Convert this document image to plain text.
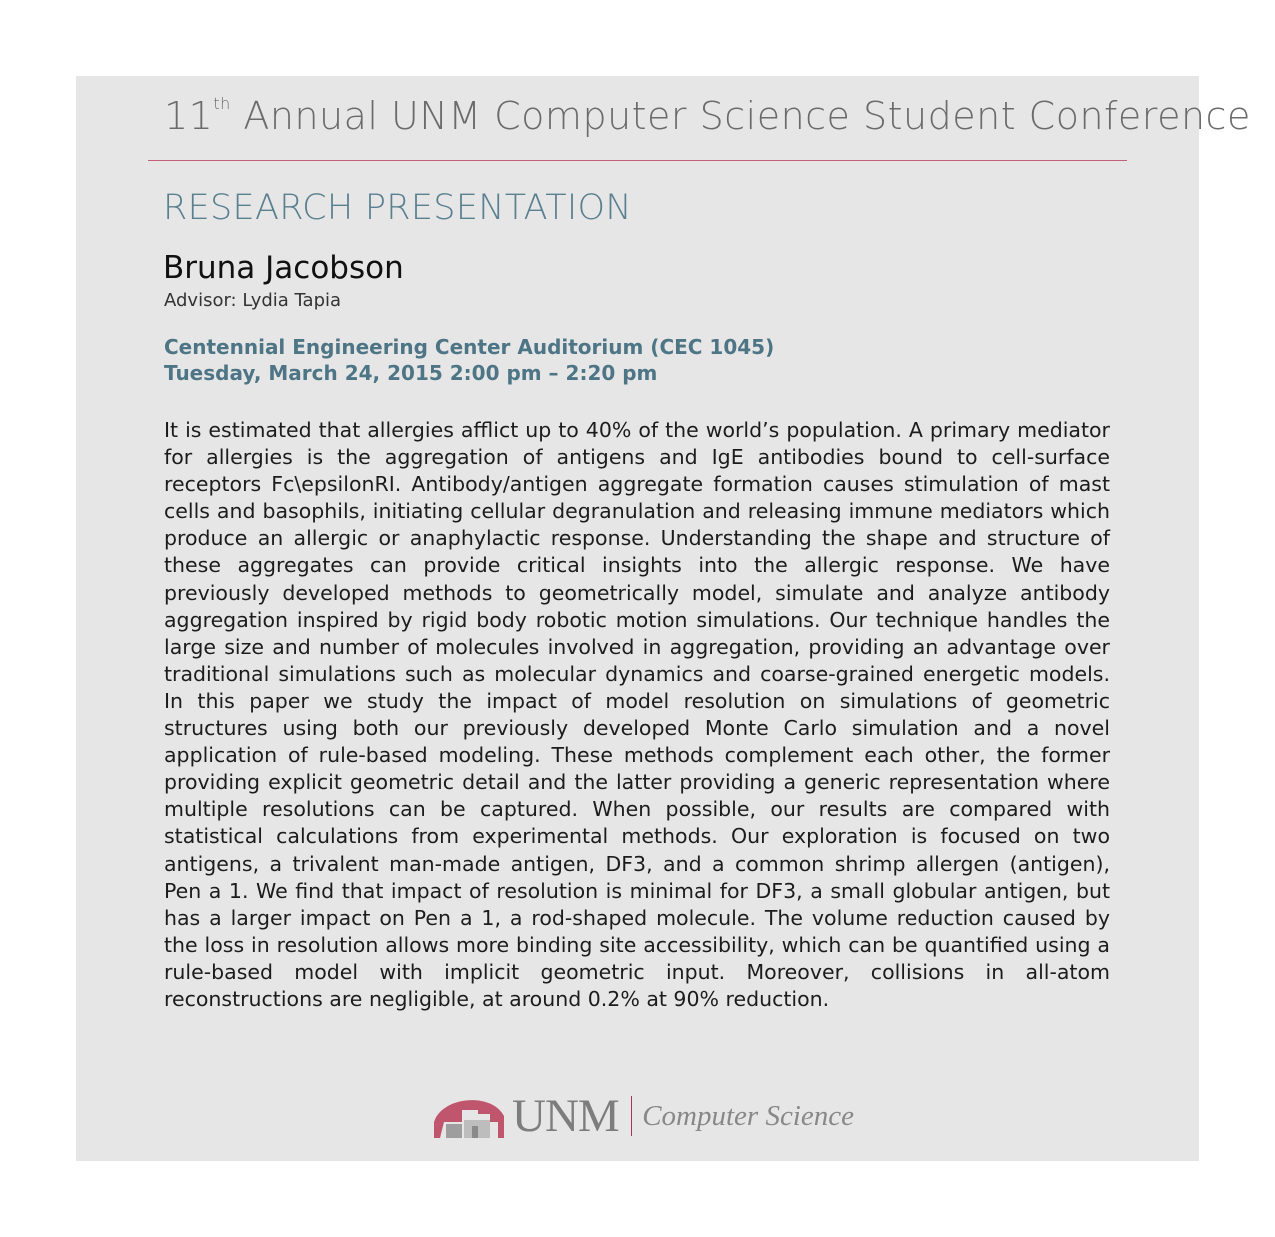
11th Annual UNM Computer Science Student Conference
RESEARCH PRESENTATION
Bruna Jacobson
Advisor: Lydia Tapia
Centennial Engineering Center Auditorium (CEC 1045)
Tuesday, March 24, 2015 2:00 pm – 2:20 pm
It is estimated that allergies afflict up to 40% of the world’s population. A primary mediator for allergies is the aggregation of antigens and IgE antibodies bound to cell-surface receptors Fc\epsilonRI. Antibody/antigen aggregate formation causes stimulation of mast cells and basophils, initiating cellular degranulation and releasing immune mediators which produce an allergic or anaphylactic response. Understanding the shape and structure of these aggregates can provide critical insights into the allergic response. We have previously developed methods to geometrically model, simulate and analyze antibody aggregation inspired by rigid body robotic motion simulations. Our technique handles the large size and number of molecules involved in aggregation, providing an advantage over traditional simulations such as molecular dynamics and coarse-grained energetic models. In this paper we study the impact of model resolution on simulations of geometric structures using both our previously developed Monte Carlo simulation and a novel application of rule-based modeling. These methods complement each other, the former providing explicit geometric detail and the latter providing a generic representation where multiple resolutions can be captured. When possible, our results are compared with statistical calculations from experimental methods. Our exploration is focused on two antigens, a trivalent man-made antigen, DF3, and a common shrimp allergen (antigen), Pen a 1. We find that impact of resolution is minimal for DF3, a small globular antigen, but has a larger impact on Pen a 1, a rod-shaped molecule. The volume reduction caused by the loss in resolution allows more binding site accessibility, which can be quantified using a rule-based model with implicit geometric input. Moreover, collisions in all-atom reconstructions are negligible, at around 0.2% at 90% reduction.
UNM Computer Science
